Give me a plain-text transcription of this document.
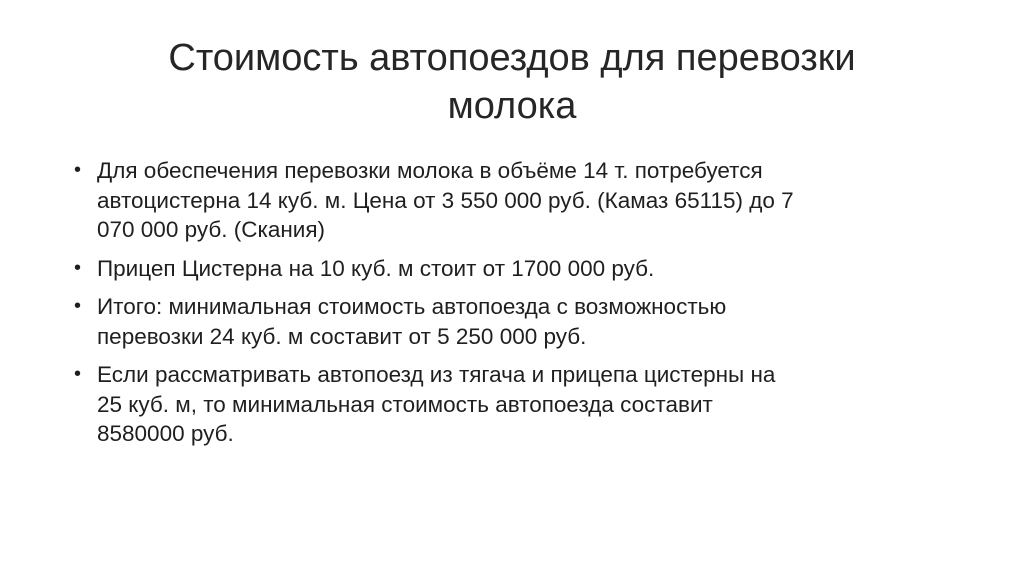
Стоимость автопоездов для перевозки
молока
• Для обеспечения перевозки молока в объёме 14 т. потребуется
автоцистерна 14 куб. м. Цена от 3 550 000 руб. (Камаз 65115) до 7
070 000 руб. (Скания)
• Прицеп Цистерна на 10 куб. м стоит от 1700 000 руб.
• Итого: минимальная стоимость автопоезда с возможностью
перевозки 24 куб. м составит от 5 250 000 руб.
• Если рассматривать автопоезд из тягача и прицепа цистерны на
25 куб. м, то минимальная стоимость автопоезда составит
8580000 руб.
